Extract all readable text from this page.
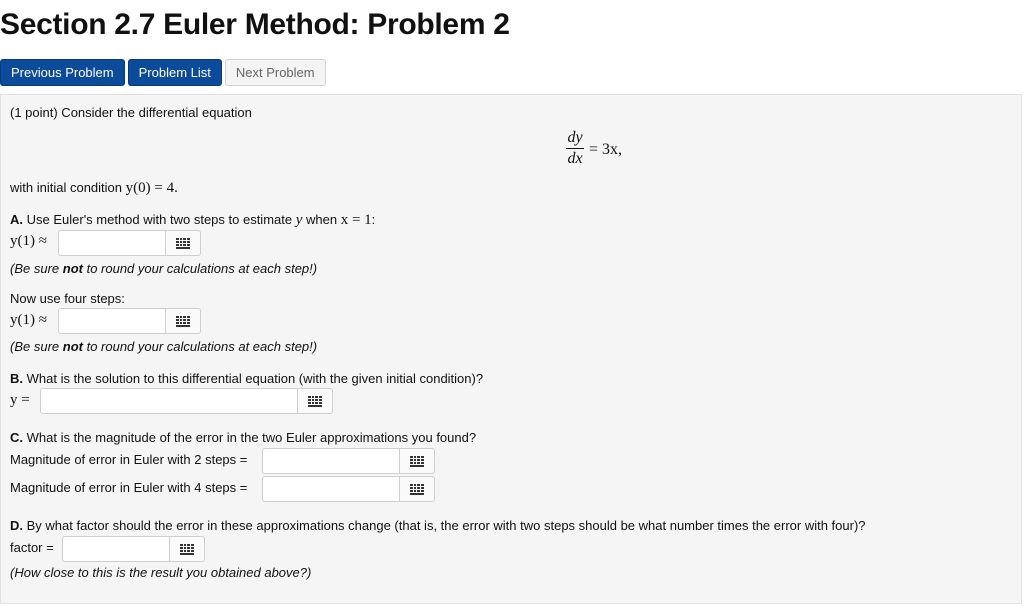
Section 2.7 Euler Method: Problem 2
Previous Problem	Problem List	Next Problem
(1 point) Consider the differential equation
dy
dx
= 3x,
with initial condition y(0) = 4.
A. Use Euler's method with two steps to estimate y when x = 1:
y(1) ≈
(Be sure not to round your calculations at each step!)
Now use four steps:
y(1) ≈
(Be sure not to round your calculations at each step!)
B. What is the solution to this differential equation (with the given initial condition)?
y =
C. What is the magnitude of the error in the two Euler approximations you found?
Magnitude of error in Euler with 2 steps =
Magnitude of error in Euler with 4 steps =
D. By what factor should the error in these approximations change (that is, the error with two steps should be what number times the error with four)?
factor =
(How close to this is the result you obtained above?)
